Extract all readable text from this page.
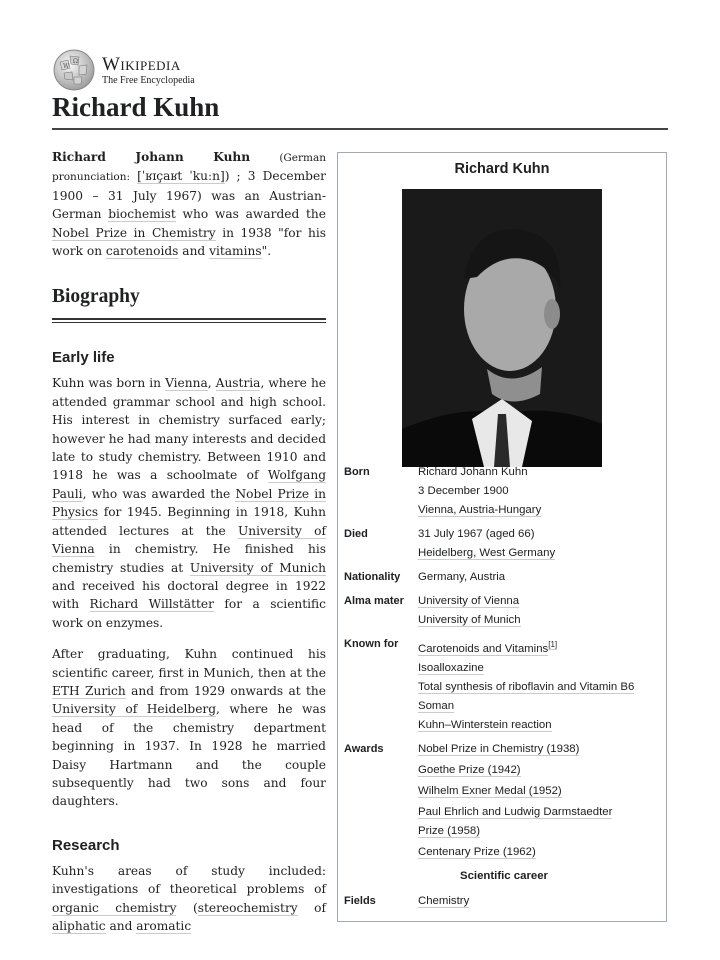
W
Ω Wikipedia
The Free Encyclopedia
Richard Kuhn

Richard Johann Kuhn	(German pronunciation: [ˈʁɪçaʁt ˈkuːn]) ; 3 December 1900 – 31 July 1967) was an Austrian-German biochemist who was awarded the Nobel Prize in Chemistry in 1938 "for his work on carotenoids and vitamins".

Biography
Early life

Kuhn was born in Vienna, Austria, where he attended grammar school and high school. His interest in chemistry surfaced early; however he had many interests and decided late to study chemistry. Between 1910 and 1918 he was a schoolmate of Wolfgang Pauli, who was awarded the Nobel Prize in Physics for 1945. Beginning in 1918, Kuhn attended lectures at the University of Vienna in chemistry. He finished his chemistry studies at University of Munich and received his doctoral degree in 1922 with Richard Willstätter for a scientific work on enzymes.

After graduating, Kuhn continued his scientific career, first in Munich, then at the ETH Zurich and from 1929 onwards at the University of Heidelberg, where he was head of the chemistry department beginning in 1937. In 1928 he married Daisy Hartmann and the couple subsequently had two sons and four daughters.

Research

Kuhn's areas of study included: investigations of theoretical problems of organic chemistry (stereochemistry of aliphatic and aromatic

Richard Kuhn
Born	Richard Johann Kuhn
3 December 1900
Vienna, Austria-Hungary
Died	31 July 1967 (aged 66)
Heidelberg, West Germany
Nationality	Germany, Austria
Alma mater	University of Vienna
University of Munich
Known for	Carotenoids and Vitamins[1]
Isoalloxazine
Total synthesis of riboflavin and Vitamin B6
Soman
Kuhn–Winterstein reaction
Awards	Nobel Prize in Chemistry (1938)
Goethe Prize (1942)
Wilhelm Exner Medal (1952)
Paul Ehrlich and Ludwig Darmstaedter
Prize (1958)
Centenary Prize (1962)
Scientific career
Fields	Chemistry
